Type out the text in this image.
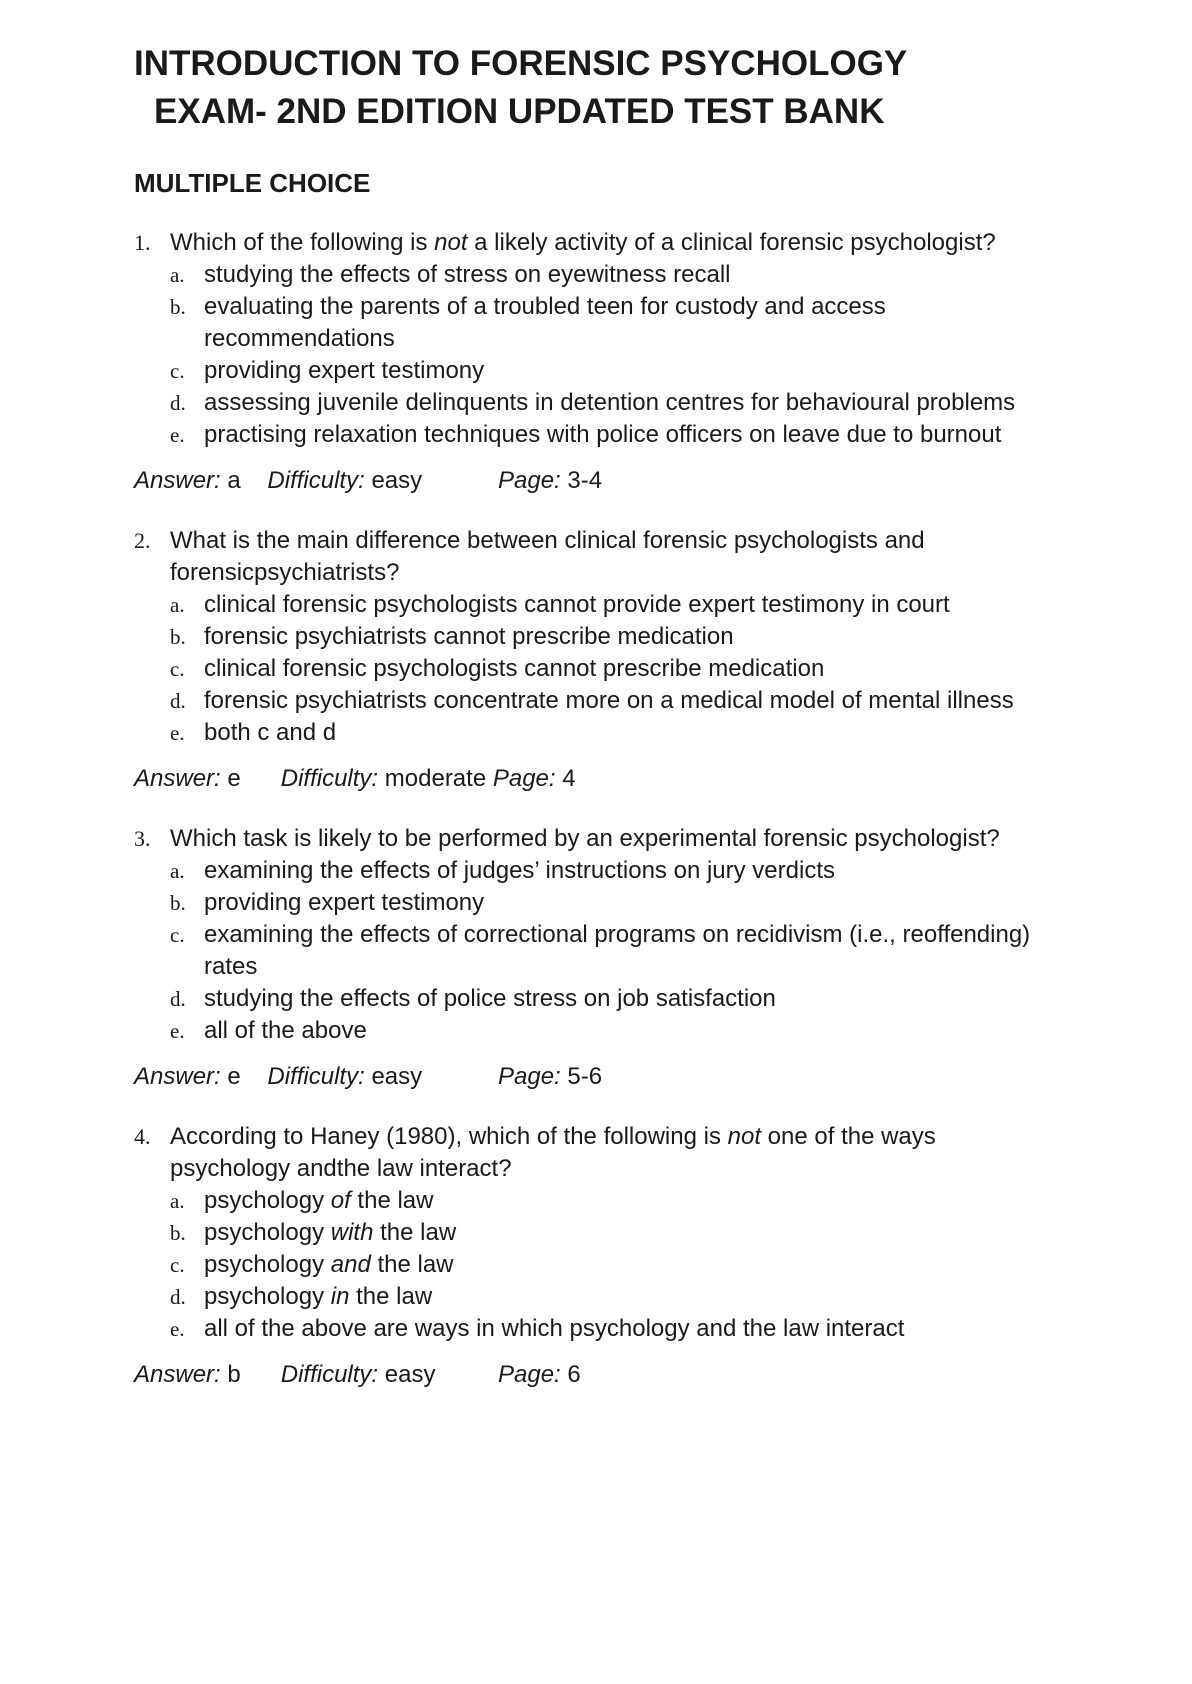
INTRODUCTION TO FORENSIC PSYCHOLOGY
EXAM- 2ND EDITION UPDATED TEST BANK
MULTIPLE CHOICE
1. Which of the following is not a likely activity of a clinical forensic psychologist?
a. studying the effects of stress on eyewitness recall
b. evaluating the parents of a troubled teen for custody and access recommendations
c. providing expert testimony
d. assessing juvenile delinquents in detention centres for behavioural problems
e. practising relaxation techniques with police officers on leave due to burnout
Answer: a Difficulty: easy	Page: 3-4
2. What is the main difference between clinical forensic psychologists and forensicpsychiatrists?
a. clinical forensic psychologists cannot provide expert testimony in court
b. forensic psychiatrists cannot prescribe medication
c. clinical forensic psychologists cannot prescribe medication
d. forensic psychiatrists concentrate more on a medical model of mental illness
e. both c and d
Answer: e Difficulty: moderate Page: 4
3. Which task is likely to be performed by an experimental forensic psychologist?
a. examining the effects of judges’ instructions on jury verdicts
b. providing expert testimony
c. examining the effects of correctional programs on recidivism (i.e., reoffending) rates
d. studying the effects of police stress on job satisfaction
e. all of the above
Answer: e Difficulty: easy	Page: 5-6
4. According to Haney (1980), which of the following is not one of the ways psychology andthe law interact?
a. psychology of the law
b. psychology with the law
c. psychology and the law
d. psychology in the law
e. all of the above are ways in which psychology and the law interact
Answer: b Difficulty: easy	Page: 6
